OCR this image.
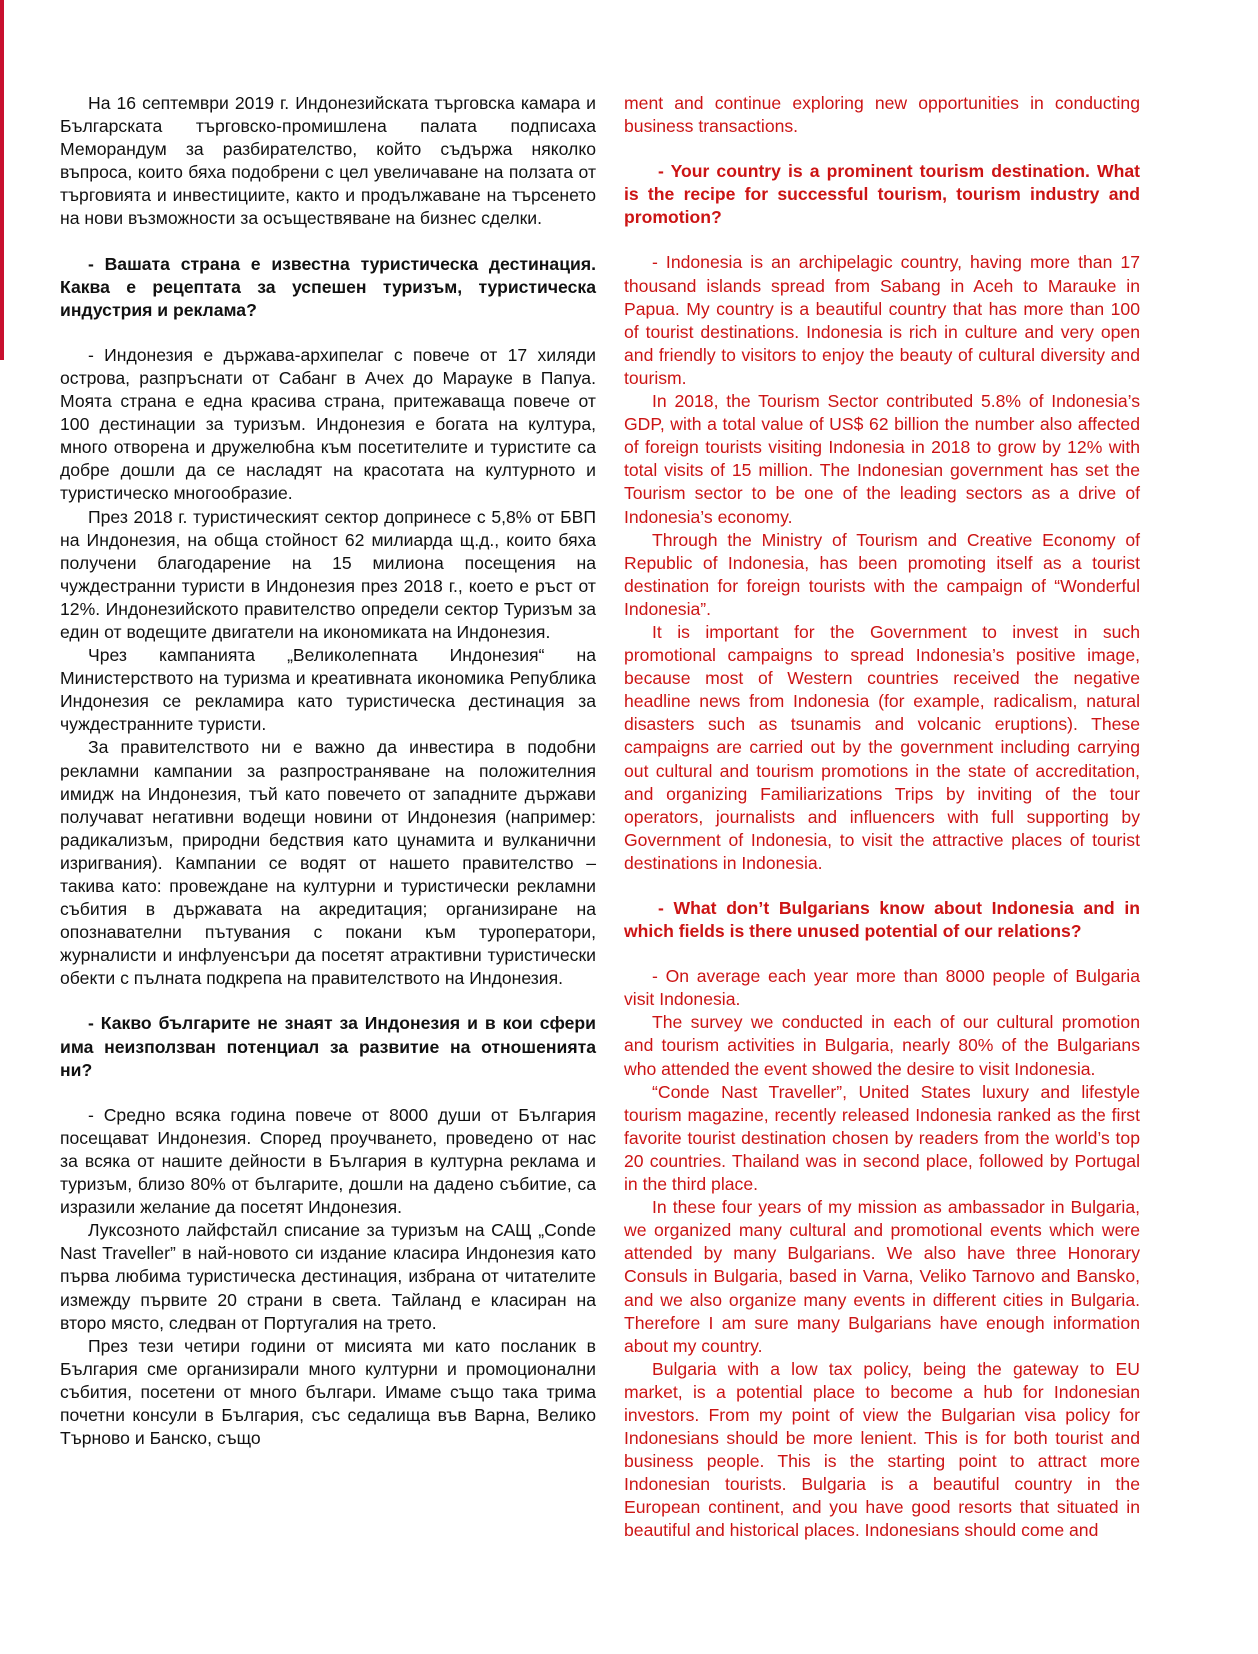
На 16 септември 2019 г. Индонезийската търговска камара и Българската търговско-промишлена палата подписаха Меморандум за разбирателство, който съдържа няколко въпроса, които бяха подобрени с цел увеличаване на ползата от търговията и инвестициите, както и продължаване на търсенето на нови възможности за осъществяване на бизнес сделки.

- Вашата страна е известна туристическа дестинация. Каква е рецептата за успешен туризъм, туристическа индустрия и реклама?

- Индонезия е държава-архипелаг с повече от 17 хиляди острова, разпръснати от Сабанг в Ачех до Марауке в Папуа. Моята страна е една красива страна, притежаваща повече от 100 дестинации за туризъм. Индонезия е богата на култура, много отворена и дружелюбна към посетителите и туристите са добре дошли да се насладят на красотата на културното и туристическо многообразие.

През 2018 г. туристическият сектор допринесе с 5,8% от БВП на Индонезия, на обща стойност 62 милиарда щ.д., които бяха получени благодарение на 15 милиона посещения на чуждестранни туристи в Индонезия през 2018 г., което е ръст от 12%. Индонезийското правителство определи сектор Туризъм за един от водещите двигатели на икономиката на Индонезия.

Чрез кампанията „Великолепната Индонезия“ на Министерството на туризма и креативната икономика Република Индонезия се рекламира като туристическа дестинация за чуждестранните туристи.

За правителството ни е важно да инвестира в подобни рекламни кампании за разпространяване на положителния имидж на Индонезия, тъй като повечето от западните държави получават негативни водещи новини от Индонезия (например: радикализъм, природни бедствия като цунамита и вулканични изригвания). Кампании се водят от нашето правителство – такива като: провеждане на културни и туристически рекламни събития в държавата на акредитация; организиране на опознавателни пътувания с покани към туроператори, журналисти и инфлуенсъри да посетят атрактивни туристически обекти с пълната подкрепа на правителството на Индонезия.

- Какво българите не знаят за Индонезия и в кои сфери има неизползван потенциал за развитие на отношенията ни?

- Средно всяка година повече от 8000 души от България посещават Индонезия. Според проучването, проведено от нас за всяка от нашите дейности в България в културна реклама и туризъм, близо 80% от българите, дошли на дадено събитие, са изразили желание да посетят Индонезия.

Луксозното лайфстайл списание за туризъм на САЩ „Conde Nast Traveller” в най-новото си издание класира Индонезия като първа любима туристическа дестинация, избрана от читателите измежду първите 20 страни в света. Тайланд е класиран на второ място, следван от Португалия на трето.

През тези четири години от мисията ми като посланик в България сме организирали много културни и промоционални събития, посетени от много българи. Имаме също така трима почетни консули в България, със седалища във Варна, Велико Търново и Банско, също

ment and continue exploring new opportunities in conducting business transactions.

- Your country is a prominent tourism destination. What is the recipe for successful tourism, tourism industry and promotion?

- Indonesia is an archipelagic country, having more than 17 thousand islands spread from Sabang in Aceh to Marauke in Papua. My country is a beautiful country that has more than 100 of tourist destinations. Indonesia is rich in culture and very open and friendly to visitors to enjoy the beauty of cultural diversity and tourism.

In 2018, the Tourism Sector contributed 5.8% of Indonesia’s GDP, with a total value of US$ 62 billion the number also affected of foreign tourists visiting Indonesia in 2018 to grow by 12% with total visits of 15 million. The Indonesian government has set the Tourism sector to be one of the leading sectors as a drive of Indonesia’s economy.

Through the Ministry of Tourism and Creative Economy of Republic of Indonesia, has been promoting itself as a tourist destination for foreign tourists with the campaign of “Wonderful Indonesia”.

It is important for the Government to invest in such promotional campaigns to spread Indonesia’s positive image, because most of Western countries received the negative headline news from Indonesia (for example, radicalism, natural disasters such as tsunamis and volcanic eruptions). These campaigns are carried out by the government including carrying out cultural and tourism promotions in the state of accreditation, and organizing Familiarizations Trips by inviting of the tour operators, journalists and influencers with full supporting by Government of Indonesia, to visit the attractive places of tourist destinations in Indonesia.

- What don’t Bulgarians know about Indonesia and in which fields is there unused potential of our relations?

- On average each year more than 8000 people of Bulgaria visit Indonesia.

The survey we conducted in each of our cultural promotion and tourism activities in Bulgaria, nearly 80% of the Bulgarians who attended the event showed the desire to visit Indonesia.

“Conde Nast Traveller”, United States luxury and lifestyle tourism magazine, recently released Indonesia ranked as the first favorite tourist destination chosen by readers from the world’s top 20 countries. Thailand was in second place, followed by Portugal in the third place.

In these four years of my mission as ambassador in Bulgaria, we organized many cultural and promotional events which were attended by many Bulgarians. We also have three Honorary Consuls in Bulgaria, based in Varna, Veliko Tarnovo and Bansko, and we also organize many events in different cities in Bulgaria. Therefore I am sure many Bulgarians have enough information about my country.

Bulgaria with a low tax policy, being the gateway to EU market, is a potential place to become a hub for Indonesian investors. From my point of view the Bulgarian visa policy for Indonesians should be more lenient. This is for both tourist and business people. This is the starting point to attract more Indonesian tourists. Bulgaria is a beautiful country in the European continent, and you have good resorts that situated in beautiful and historical places. Indonesians should come and
